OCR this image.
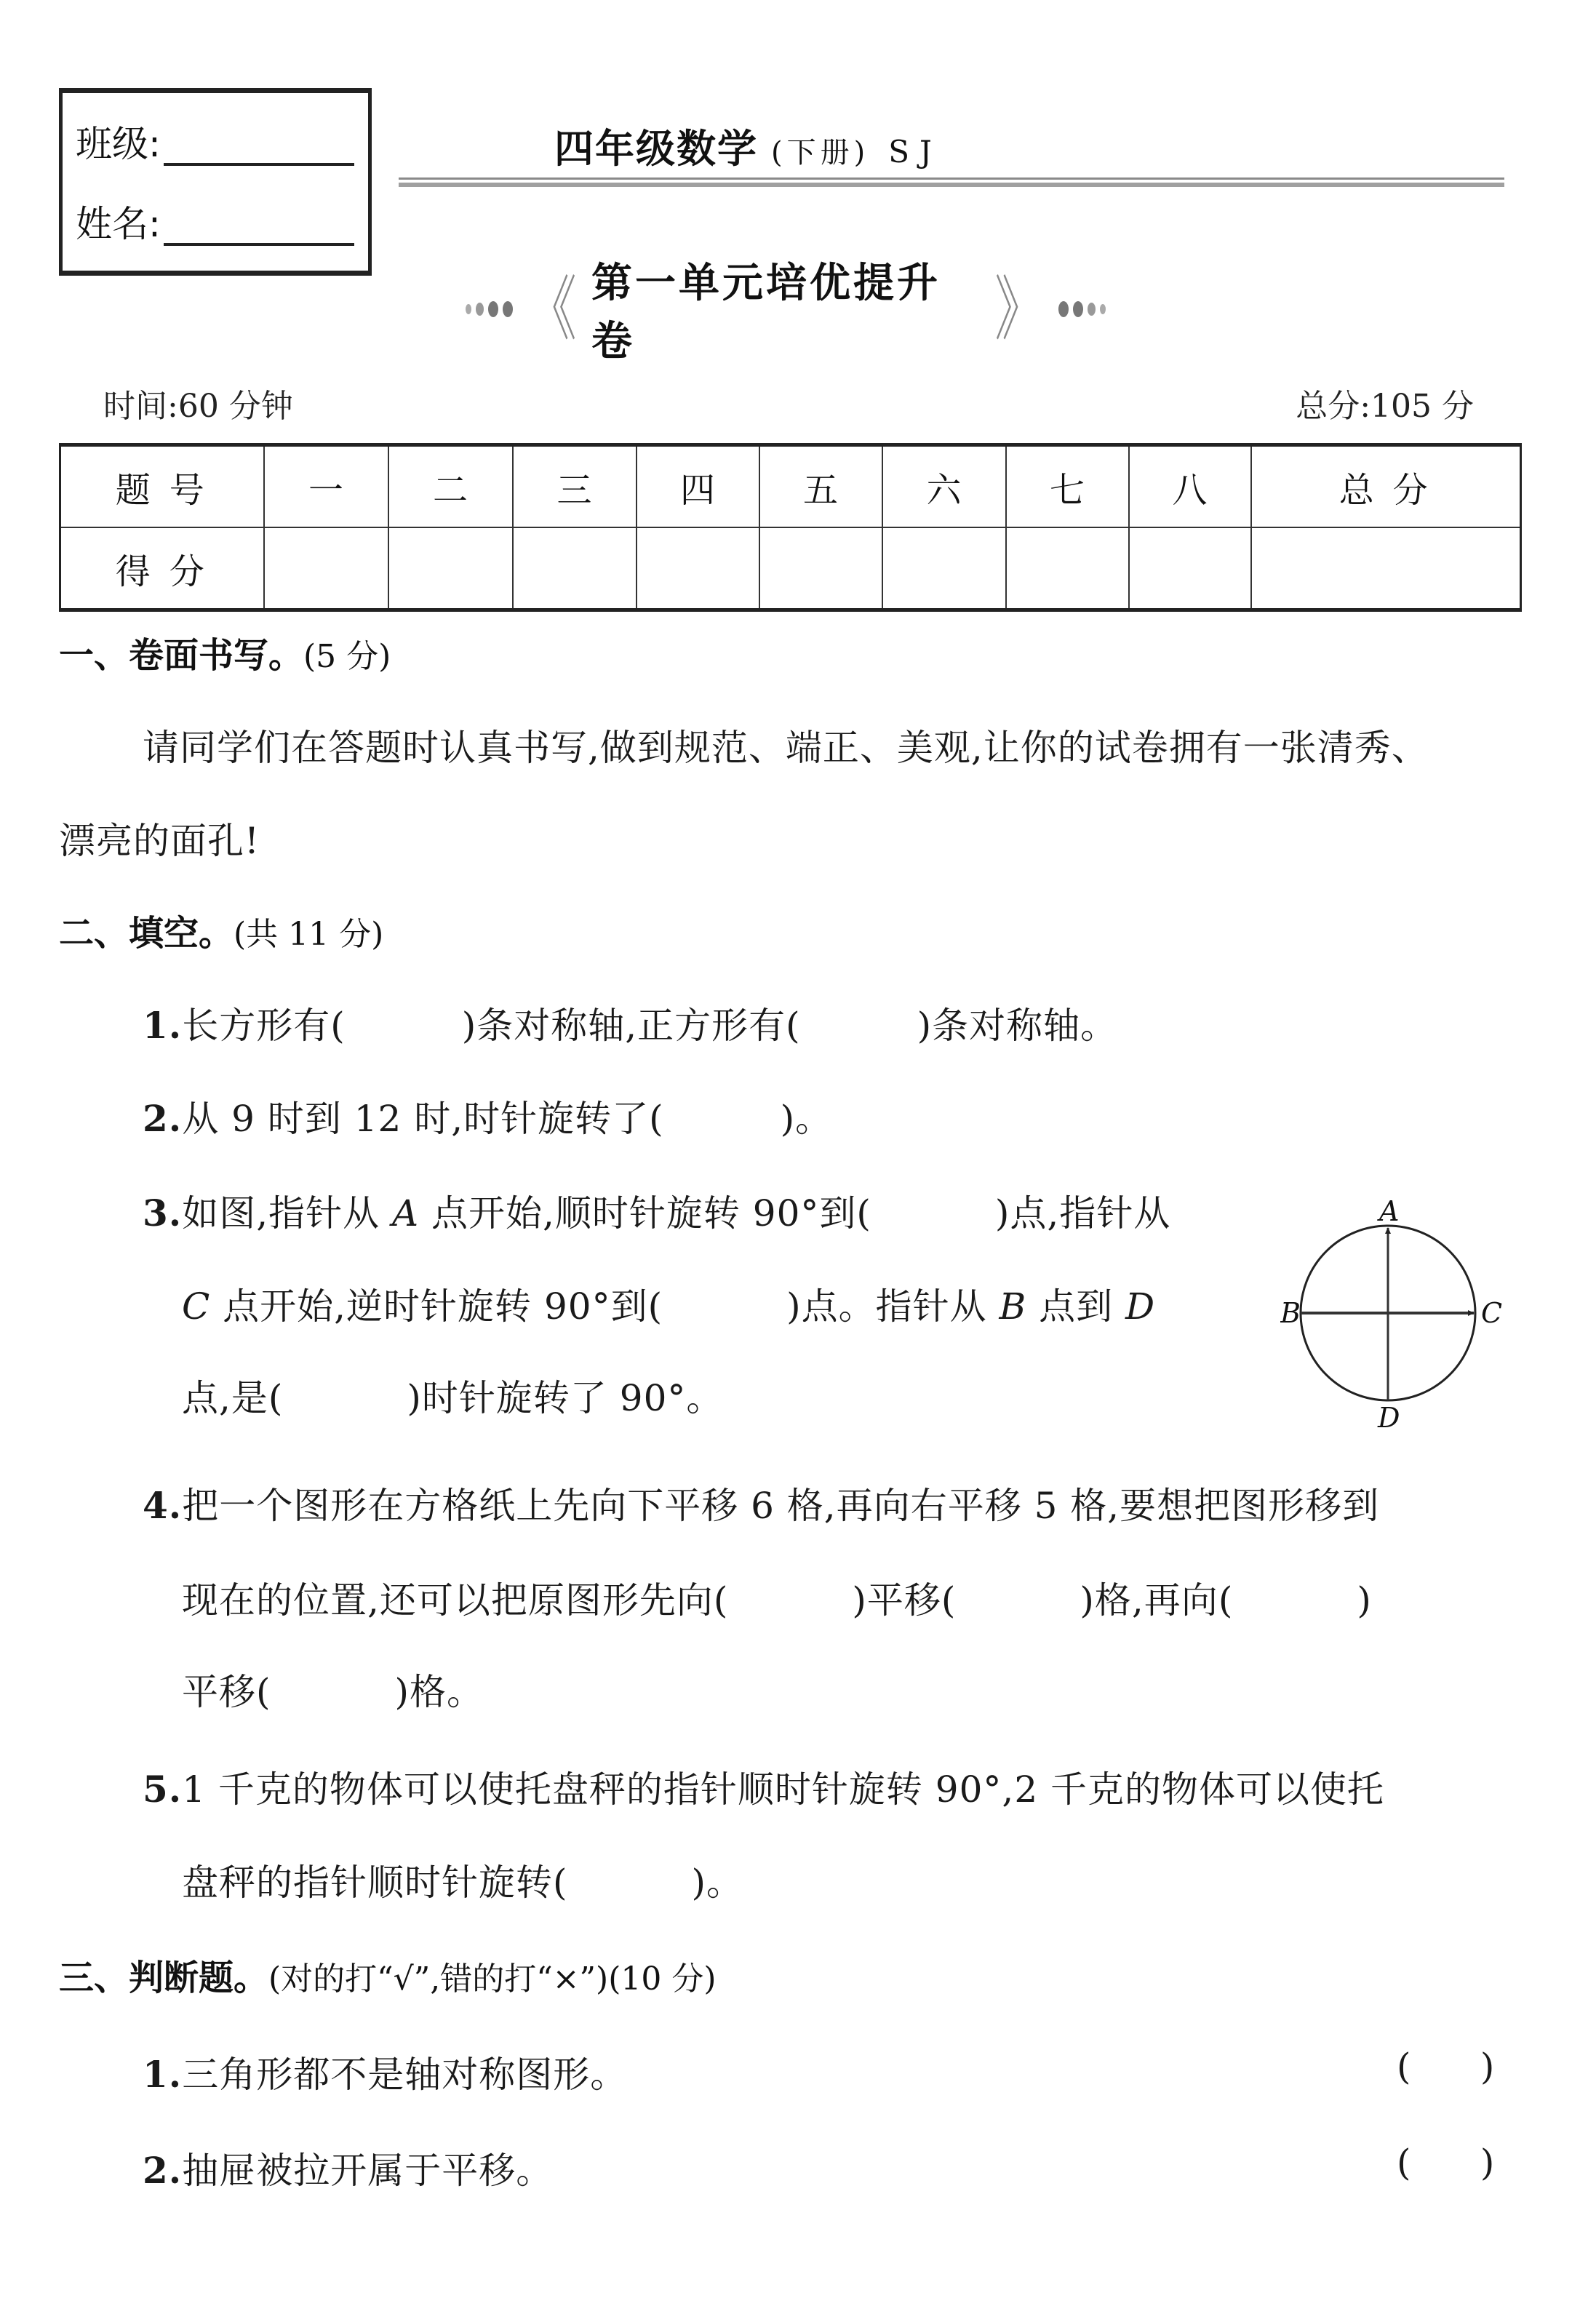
班级:
姓名:
四年级数学 (下册) SJ
《 第一单元培优提升卷	》
时间:60 分钟	总分:105 分
题号	一	二	三	四	五	六	七	八	总分
得分									
一、卷面书写。(5 分)
请同学们在答题时认真书写,做到规范、端正、美观,让你的试卷拥有一张清秀、
漂亮的面孔!
二、填空。(共 11 分)
1.长方形有(	)条对称轴,正方形有(	)条对称轴。
2.从 9 时到 12 时,时针旋转了(	)。
3.如图,指针从 A 点开始,顺时针旋转 90°到(	)点,指针从
C 点开始,逆时针旋转 90°到(	)点。指针从 B 点到 D
点,是(	)时针旋转了 90°。
A
B	C
D
4.把一个图形在方格纸上先向下平移 6 格,再向右平移 5 格,要想把图形移到
现在的位置,还可以把原图形先向(	)平移(	)格,再向(	)
平移(	)格。
5.1 千克的物体可以使托盘秤的指针顺时针旋转 90°,2 千克的物体可以使托
盘秤的指针顺时针旋转(	)。
三、判断题。(对的打“√”,错的打“×”)(10 分)
1.三角形都不是轴对称图形。	(      )
2.抽屉被拉开属于平移。	(      )
